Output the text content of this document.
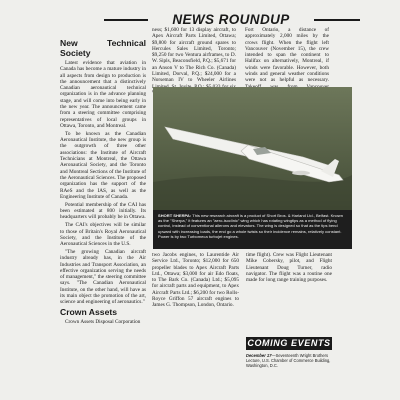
NEWS ROUNDUP
New Technical Society

Latest evidence that aviation in Canada has become a mature industry in all aspects from design to production is the announcement that a distinctively Canadian aeronautical technical organization is in the advance planning stage, and will come into being early in the new year. The announcement came from a steering committee comprising representatives of local groups in Ottawa, Toronto, and Montreal.

To be known as the Canadian Aeronautical Institute, the new group is the outgrowth of three other associations: the Institute of Aircraft Technicians at Montreal, the Ottawa Aeronautical Society, and the Toronto and Montreal Sections of the Institute of the Aeronautical Sciences. The proposed organization has the support of the RAeS and the IAS, as well as the Engineering Institute of Canada.

Potential membership of the CAI has been estimated at 800 initially. Its headquarters will probably be in Ottawa.

The CAI's objectives will be similar to those of Britain's Royal Aeronautical Society, and the Institute of the Aeronautical Sciences in the U.S.

"The growing Canadian aircraft industry already has, in the Air Industries and Transport Association, an effective organization serving the needs of management," the steering committee says. "The Canadian Aeronautical Institute, on the other hand, will have as its main object the promotion of the art, science and engineering of aeronautics."

Crown Assets

Crown Assets Disposal Corporation

ness; $1,600 for 13 display aircraft, to Apex Aircraft Parts Limited, Ottawa; $9,800 for aircraft ground spares to Hercules Sales Limited, Toronto; $9,250 for two Ventura airframes, to D. W. Sipls, Beaconsfield, P.Q.; $5,671 for an Anson V to The Rich Co. (Canada) Limited, Dorval, P.Q.; $24,000 for a Norseman IV to Wheeler Airlines

Fort Ontario, a distance of approximately 2,000 miles by the crows flight. When the flight left Vancouver (November 15), the crew intended to span the continent to Halifax on alternatively, Montreal, if winds were favorable. However, both winds and general weather conditions were not as helpful as necessary.

SHORT SHERPA: This new research aircraft is a product of Short Bros. & Harland Ltd., Belfast. Known as the "Sherpa," it features an "aero-isoclinic" wing which has rotating wingtips as a method of flying control, instead of conventional ailerons and elevators. The wing is designed so that as the tips bend upward with increasing loads, the end go a whole twists so their incidence remains, relatively constant. Power is by two Turbomeca turbojet engines.

two Jacobs engines, to Laurentide Air Service Ltd., Toronto; $12,000 for 650 propeller blades to Apex Aircraft Parts Ltd., Ottawa; $3,000 for air Edo floats, to The Bark Co. (Canada) Ltd.; $5,095 for aircraft parts and equipment, to Apex Aircraft Parts Ltd.; $6,200 for two Rolls-Royce Griffon 57 aircraft engines to James G. Thompson, London, Ontario.

time flight). Crew was Flight Lieutenant Mike Cobersky, pilot, and Flight Lieutenant Doug Turner, radio navigator. The flight was a routine one made for long range training purposes.

COMING EVENTS
December 17—Seventeenth Wright Brothers Lecture, U.S. Chamber of Commerce Building, Washington, D.C.
